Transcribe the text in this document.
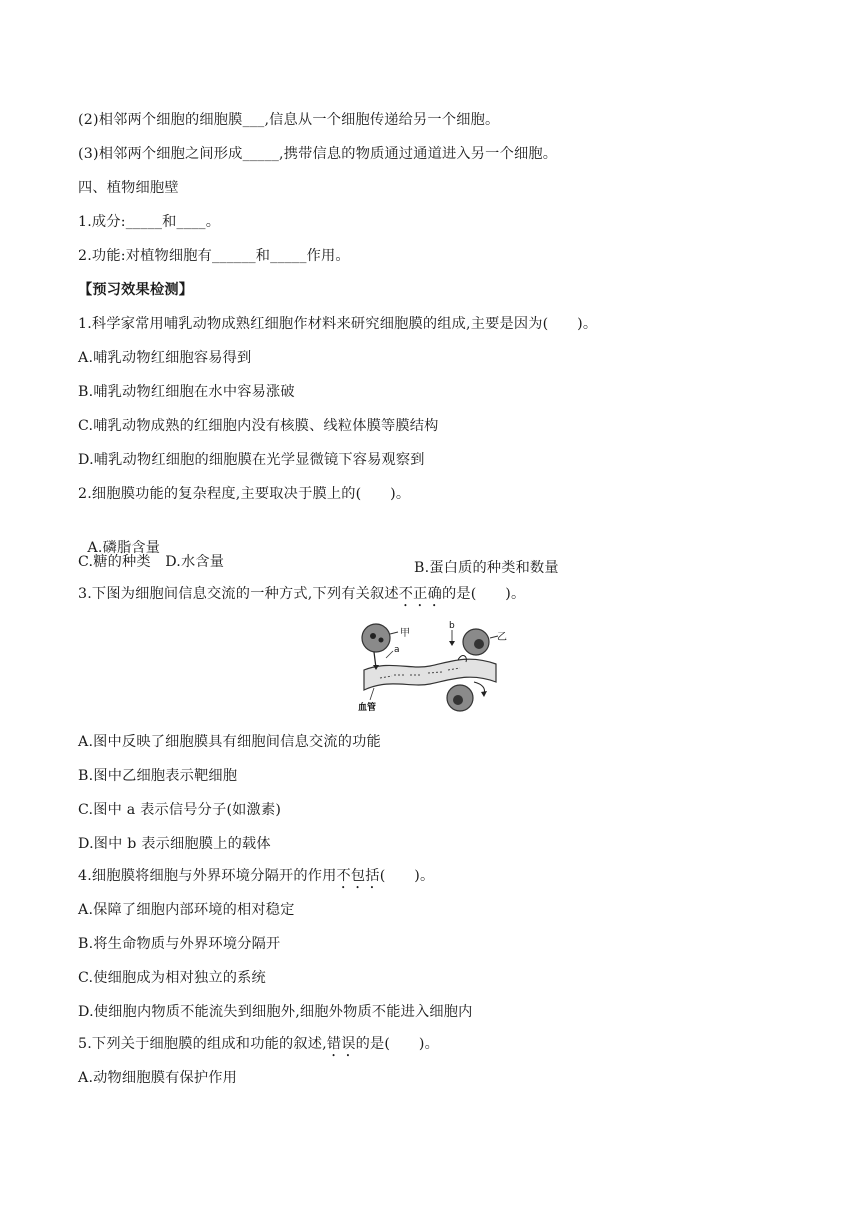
(2)相邻两个细胞的细胞膜___,信息从一个细胞传递给另一个细胞。
(3)相邻两个细胞之间形成_____,携带信息的物质通过通道进入另一个细胞。
四、植物细胞壁
1.成分:_____和____。
2.功能:对植物细胞有______和_____作用。
【预习效果检测】
1.科学家常用哺乳动物成熟红细胞作材料来研究细胞膜的组成,主要是因为(　　)。
A.哺乳动物红细胞容易得到
B.哺乳动物红细胞在水中容易涨破
C.哺乳动物成熟的红细胞内没有核膜、线粒体膜等膜结构
D.哺乳动物红细胞的细胞膜在光学显微镜下容易观察到
2.细胞膜功能的复杂程度,主要取决于膜上的(　　)。

A.磷脂含量

B.蛋白质的种类和数量

C.糖的种类　D.水含量
3.下图为细胞间信息交流的一种方式,下列有关叙述不正确的是(　　)。
甲
a
乙
b
血管
A.图中反映了细胞膜具有细胞间信息交流的功能
B.图中乙细胞表示靶细胞
C.图中 a 表示信号分子(如激素)
D.图中 b 表示细胞膜上的载体
4.细胞膜将细胞与外界环境分隔开的作用不包括(　　)。
A.保障了细胞内部环境的相对稳定
B.将生命物质与外界环境分隔开
C.使细胞成为相对独立的系统
D.使细胞内物质不能流失到细胞外,细胞外物质不能进入细胞内
5.下列关于细胞膜的组成和功能的叙述,错误的是(　　)。
A.动物细胞膜有保护作用
